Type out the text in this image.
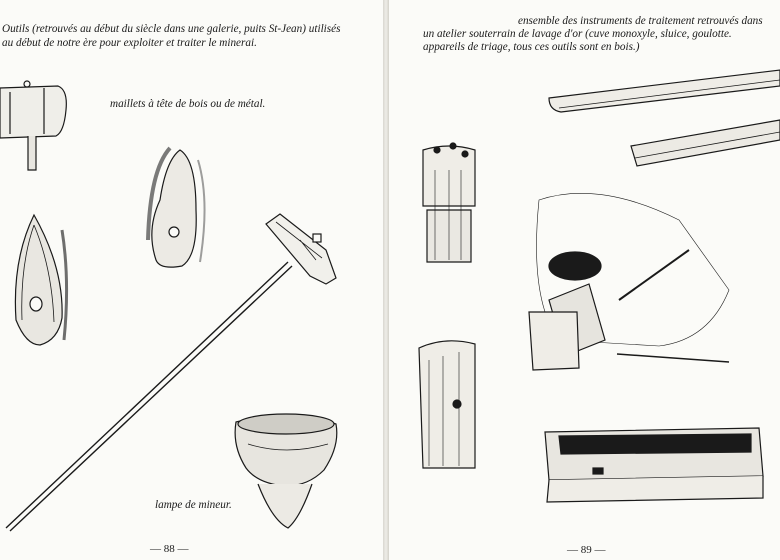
Outils (retrouvés au début du siècle dans une galerie, puits St-Jean) utilisés
au début de notre ère pour exploiter et traiter le minerai.
maillets à tête de bois ou de métal.
lampe de mineur.
— 88 —
ensemble des instruments de traitement retrouvés dans
un atelier souterrain de lavage d'or (cuve monoxyle, sluice, goulotte.
appareils de triage, tous ces outils sont en bois.)
— 89 —
